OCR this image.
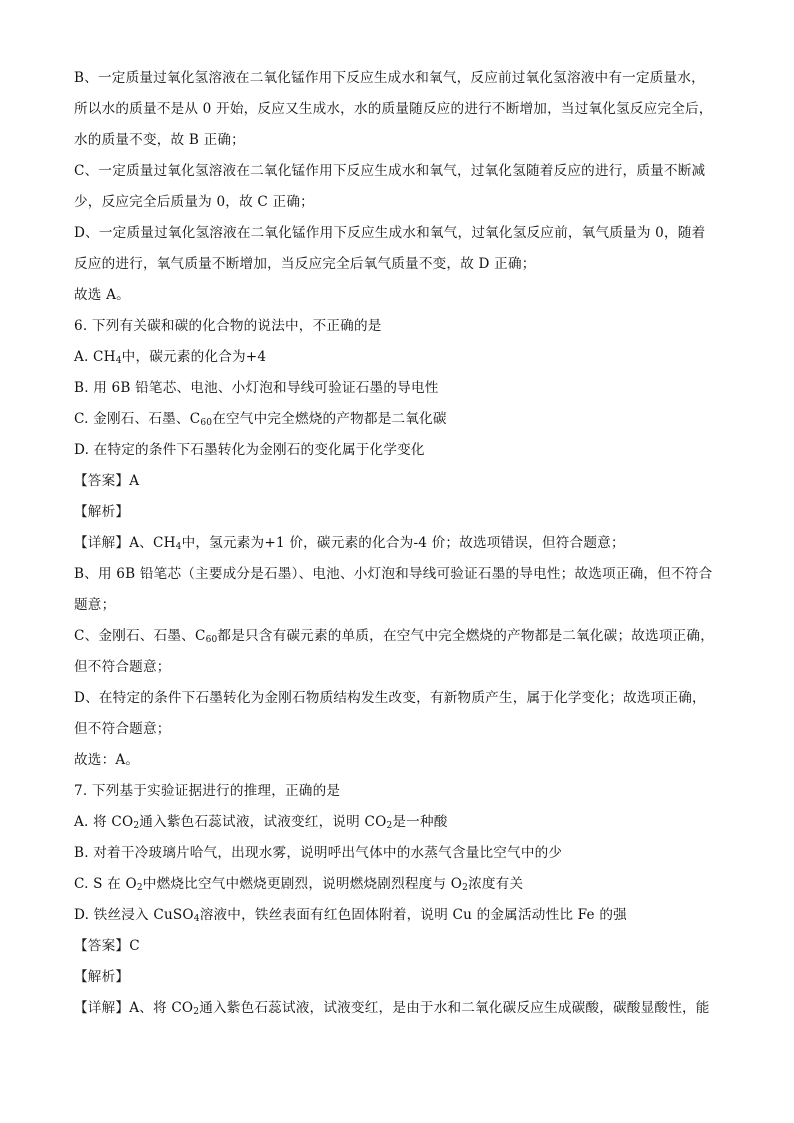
B、一定质量过氧化氢溶液在二氧化锰作用下反应生成水和氧气，反应前过氧化氢溶液中有一定质量水，
所以水的质量不是从 0 开始，反应又生成水，水的质量随反应的进行不断增加，当过氧化氢反应完全后，
水的质量不变，故 B 正确；
C、一定质量过氧化氢溶液在二氧化锰作用下反应生成水和氧气，过氧化氢随着反应的进行，质量不断减
少，反应完全后质量为 0，故 C 正确；
D、一定质量过氧化氢溶液在二氧化锰作用下反应生成水和氧气，过氧化氢反应前，氧气质量为 0，随着
反应的进行，氧气质量不断增加，当反应完全后氧气质量不变，故 D 正确；
故选 A。
6. 下列有关碳和碳的化合物的说法中，不正确的是
A. $CH_4$中，碳元素的化合为+4
B. 用 6B 铅笔芯、电池、小灯泡和导线可验证石墨的导电性
C. 金刚石、石墨、$C_{60}$在空气中完全燃烧的产物都是二氧化碳
D. 在特定的条件下石墨转化为金刚石的变化属于化学变化
【答案】A
【解析】
【详解】A、$CH_4$中，氢元素为+1 价，碳元素的化合为-4 价；故选项错误，但符合题意；
B、用 6B 铅笔芯（主要成分是石墨）、电池、小灯泡和导线可验证石墨的导电性；故选项正确，但不符合
题意；
C、金刚石、石墨、$C_{60}$都是只含有碳元素的单质，在空气中完全燃烧的产物都是二氧化碳；故选项正确，
但不符合题意；
D、在特定的条件下石墨转化为金刚石物质结构发生改变，有新物质产生，属于化学变化；故选项正确，
但不符合题意；
故选：A。
7. 下列基于实验证据进行的推理，正确的是
A. 将 $CO_2$通入紫色石蕊试液，试液变红，说明 $CO_2$是一种酸
B. 对着干冷玻璃片哈气，出现水雾，说明呼出气体中的水蒸气含量比空气中的少
C. S 在 $O_2$中燃烧比空气中燃烧更剧烈，说明燃烧剧烈程度与 $O_2$浓度有关
D. 铁丝浸入 CuSO$_4$溶液中，铁丝表面有红色固体附着，说明 Cu 的金属活动性比 Fe 的强
【答案】C
【解析】
【详解】A、将 $CO_2$通入紫色石蕊试液，试液变红，是由于水和二氧化碳反应生成碳酸，碳酸显酸性，能
